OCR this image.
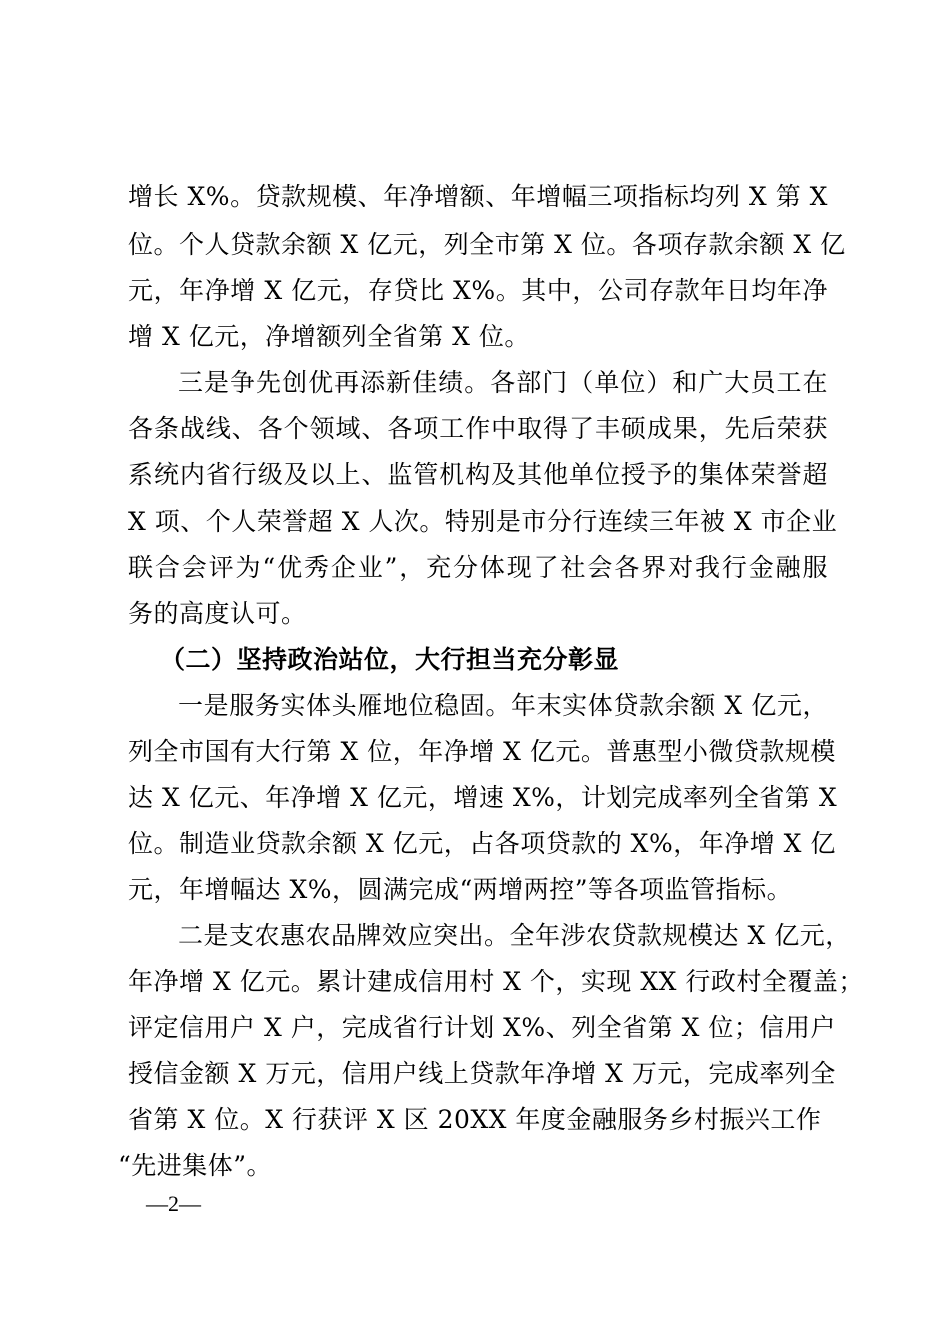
增长 X%。贷款规模、年净增额、年增幅三项指标均列 X 第 X
位。个人贷款余额 X 亿元，列全市第 X 位。各项存款余额 X 亿
元，年净增 X 亿元，存贷比 X%。其中，公司存款年日均年净
增 X 亿元，净增额列全省第 X 位。
三是争先创优再添新佳绩。各部门（单位）和广大员工在
各条战线、各个领域、各项工作中取得了丰硕成果，先后荣获
系统内省行级及以上、监管机构及其他单位授予的集体荣誉超
X 项、个人荣誉超 X 人次。特别是市分行连续三年被 X 市企业
联合会评为“优秀企业”，充分体现了社会各界对我行金融服
务的高度认可。
（二）坚持政治站位，大行担当充分彰显
一是服务实体头雁地位稳固。年末实体贷款余额 X 亿元，
列全市国有大行第 X 位，年净增 X 亿元。普惠型小微贷款规模
达 X 亿元、年净增 X 亿元，增速 X%，计划完成率列全省第 X
位。制造业贷款余额 X 亿元，占各项贷款的 X%，年净增 X 亿
元，年增幅达 X%，圆满完成“两增两控”等各项监管指标。
二是支农惠农品牌效应突出。全年涉农贷款规模达 X 亿元，
年净增 X 亿元。累计建成信用村 X 个，实现 XX 行政村全覆盖；
评定信用户 X 户，完成省行计划 X%、列全省第 X 位；信用户
授信金额 X 万元，信用户线上贷款年净增 X 万元，完成率列全
省第 X 位。X 行获评 X 区 20XX 年度金融服务乡村振兴工作
“先进集体”。
—2—
